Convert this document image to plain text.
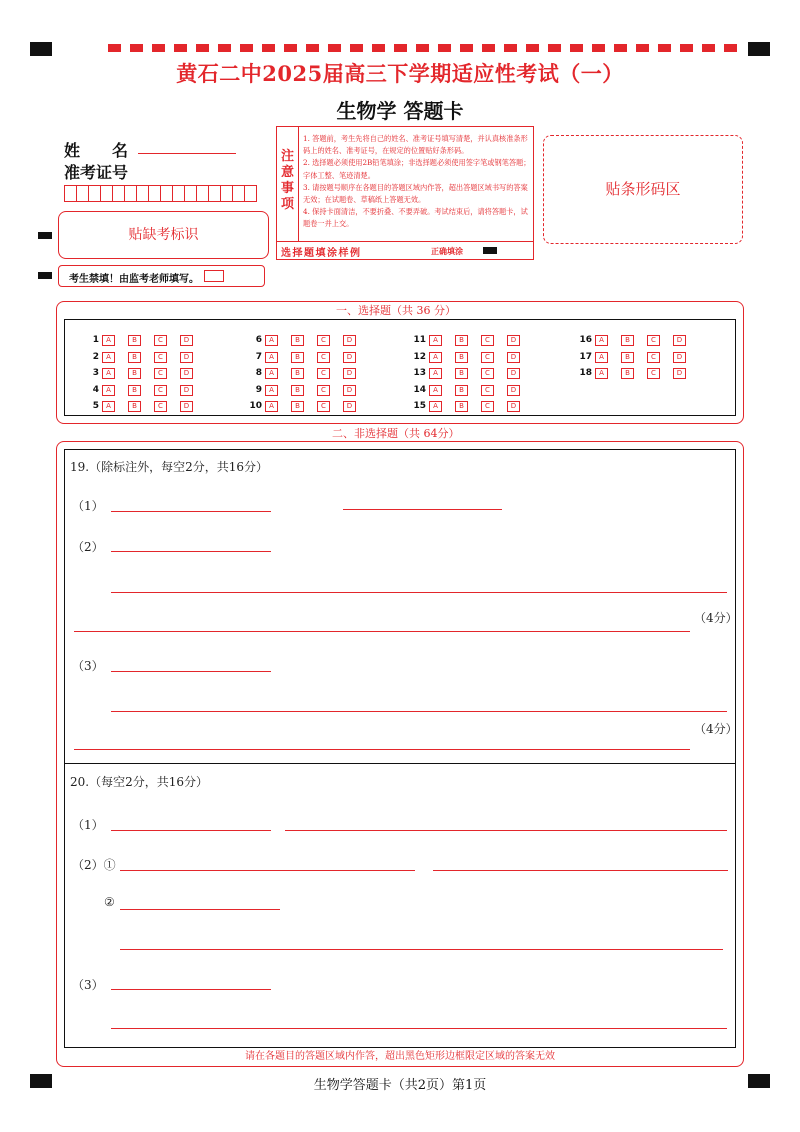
黄石二中2025届高三下学期适应性考试（一）
生物学 答题卡
姓　　名
准考证号
贴缺考标识
考生禁填！由监考老师填写。
注意事项
1. 答题前，考生先将自己的姓名、准考证号填写清楚，并认真核准条形码上的姓名、准考证号，在规定的位置贴好条形码。
2. 选择题必须使用2B铅笔填涂；非选择题必须使用签字笔或钢笔答题；字体工整、笔迹清楚。
3. 请按题号顺序在各题目的答题区域内作答，超出答题区域书写的答案无效；在试题卷、草稿纸上答题无效。
4. 保持卡面清洁，不要折叠、不要弄破。考试结束后，请将答题卡，试题卷一并上交。
选择题填涂样例	正确填涂
贴条形码区
一、选择题（共 36 分）
1 A	B	C	D
2 A	B	C	D
3 A	B	C	D
4 A	B	C	D
5 A	B	C	D
6 A	B	C	D
7 A	B	C	D
8 A	B	C	D
9 A	B	C	D
10 A	B	C	D
11 A	B	C	D
12 A	B	C	D
13 A	B	C	D
14 A	B	C	D
15 A	B	C	D
16 A	B	C	D
17 A	B	C	D
18 A	B	C	D
二、非选择题（共 64分）
19.（除标注外，每空2分，共16分）
（1）
（2）
（4分）
（3）
（4分）
20.（每空2分，共16分）
（1）
（2）①
②
（3）
请在各题目的答题区域内作答，超出黑色矩形边框限定区域的答案无效
生物学答题卡（共2页）第1页
